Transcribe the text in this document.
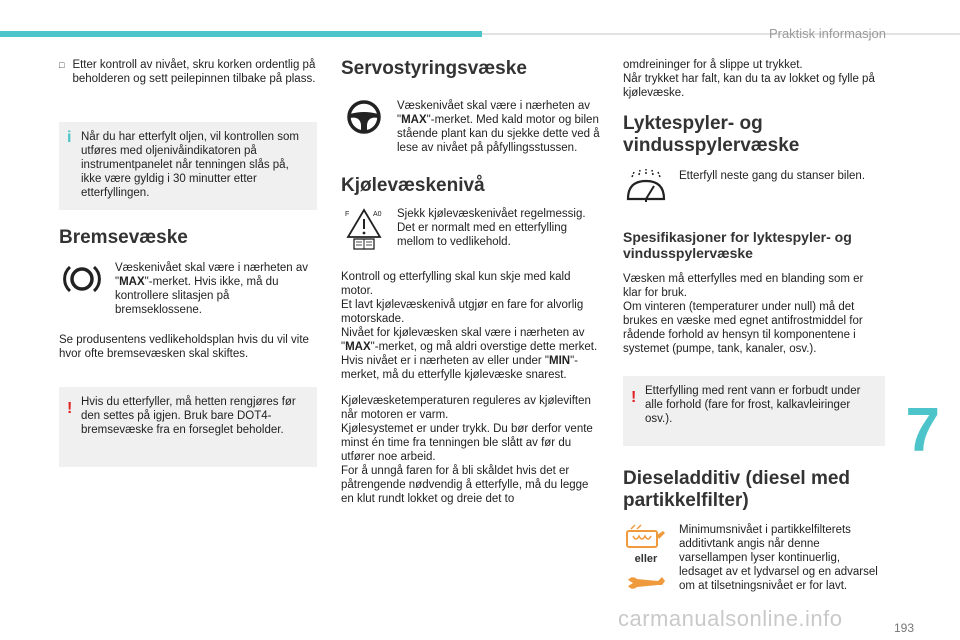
Praktisk informasjon
□ Etter kontroll av nivået, skru korken ordentlig på beholderen og sett peilepinnen tilbake på plass.

i Når du har etterfylt oljen, vil kontrollen som utføres med oljenivåindikatoren på instrumentpanelet når tenningen slås på, ikke være gyldig i 30 minutter etter etterfyllingen.

Bremsevæske

Væskenivået skal være i nærheten av "MAX"-merket. Hvis ikke, må du kontrollere slitasjen på bremseklossene.

Se produsentens vedlikeholdsplan hvis du vil vite hvor ofte bremsevæsken skal skiftes.

! Hvis du etterfyller, må hetten rengjøres før den settes på igjen. Bruk bare DOT4-bremsevæske fra en forseglet beholder.

Servostyringsvæske

Væskenivået skal være i nærheten av "MAX"-merket. Med kald motor og bilen stående plant kan du sjekke dette ved å lese av nivået på påfyllingsstussen.

Kjølevæskenivå
F	A0 Sjekk kjølevæskenivået regelmessig.
Det er normalt med en etterfylling mellom to vedlikehold.

Kontroll og etterfylling skal kun skje med kald motor.
Et lavt kjølevæskenivå utgjør en fare for alvorlig motorskade.
Nivået for kjølevæsken skal være i nærheten av "MAX"-merket, og må aldri overstige dette merket.
Hvis nivået er i nærheten av eller under "MIN"-merket, må du etterfylle kjølevæske snarest.

Kjølevæsketemperaturen reguleres av kjøleviften når motoren er varm.
Kjølesystemet er under trykk. Du bør derfor vente minst én time fra tenningen ble slått av før du utfører noe arbeid.
For å unngå faren for å bli skåldet hvis det er påtrengende nødvendig å etterfylle, må du legge en klut rundt lokket og dreie det to

omdreininger for å slippe ut trykket.
Når trykket har falt, kan du ta av lokket og fylle på kjølevæske.

Lyktespyler- og vindusspylervæske

Etterfyll neste gang du stanser bilen.

Spesifikasjoner for lyktespyler- og vindusspylervæske

Væsken må etterfylles med en blanding som er klar for bruk.
Om vinteren (temperaturer under null) må det brukes en væske med egnet antifrostmiddel for rådende forhold av hensyn til komponentene i systemet (pumpe, tank, kanaler, osv.).

! Etterfylling med rent vann er forbudt under alle forhold (fare for frost, kalkavleiringer osv.).

Dieseladditiv (diesel med partikkelfilter)
eller

Minimumsnivået i partikkelfilterets additivtank angis når denne varsellampen lyser kontinuerlig, ledsaget av et lydvarsel og en advarsel om at tilsetningsnivået er for lavt.

7
carmanualsonline.info	193
